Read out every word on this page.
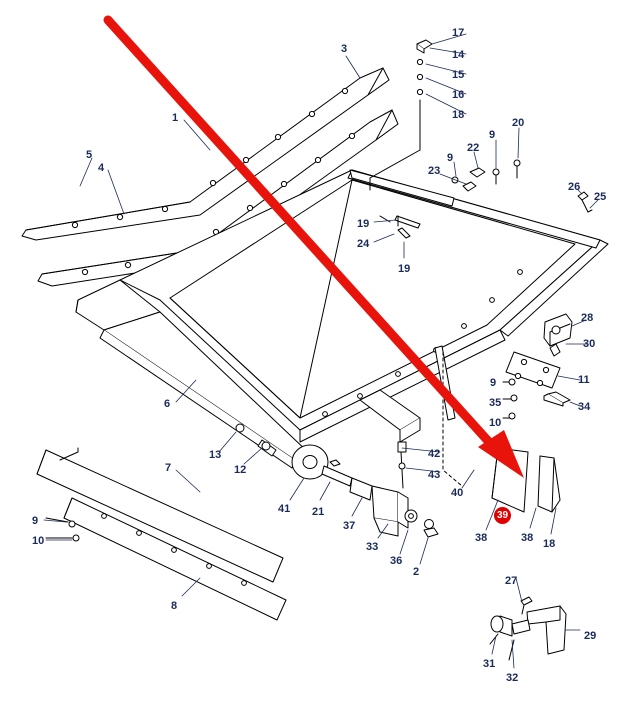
3
17
14
15
16
18
20
9
22
9
23
1
5
4
26
25
19
24
19
28
30
11
9
35	34
10
6
13
12
7
42
43
40
41 21
37
38	38 18
33
36
2
9
10
8
27
29
31
32
39
